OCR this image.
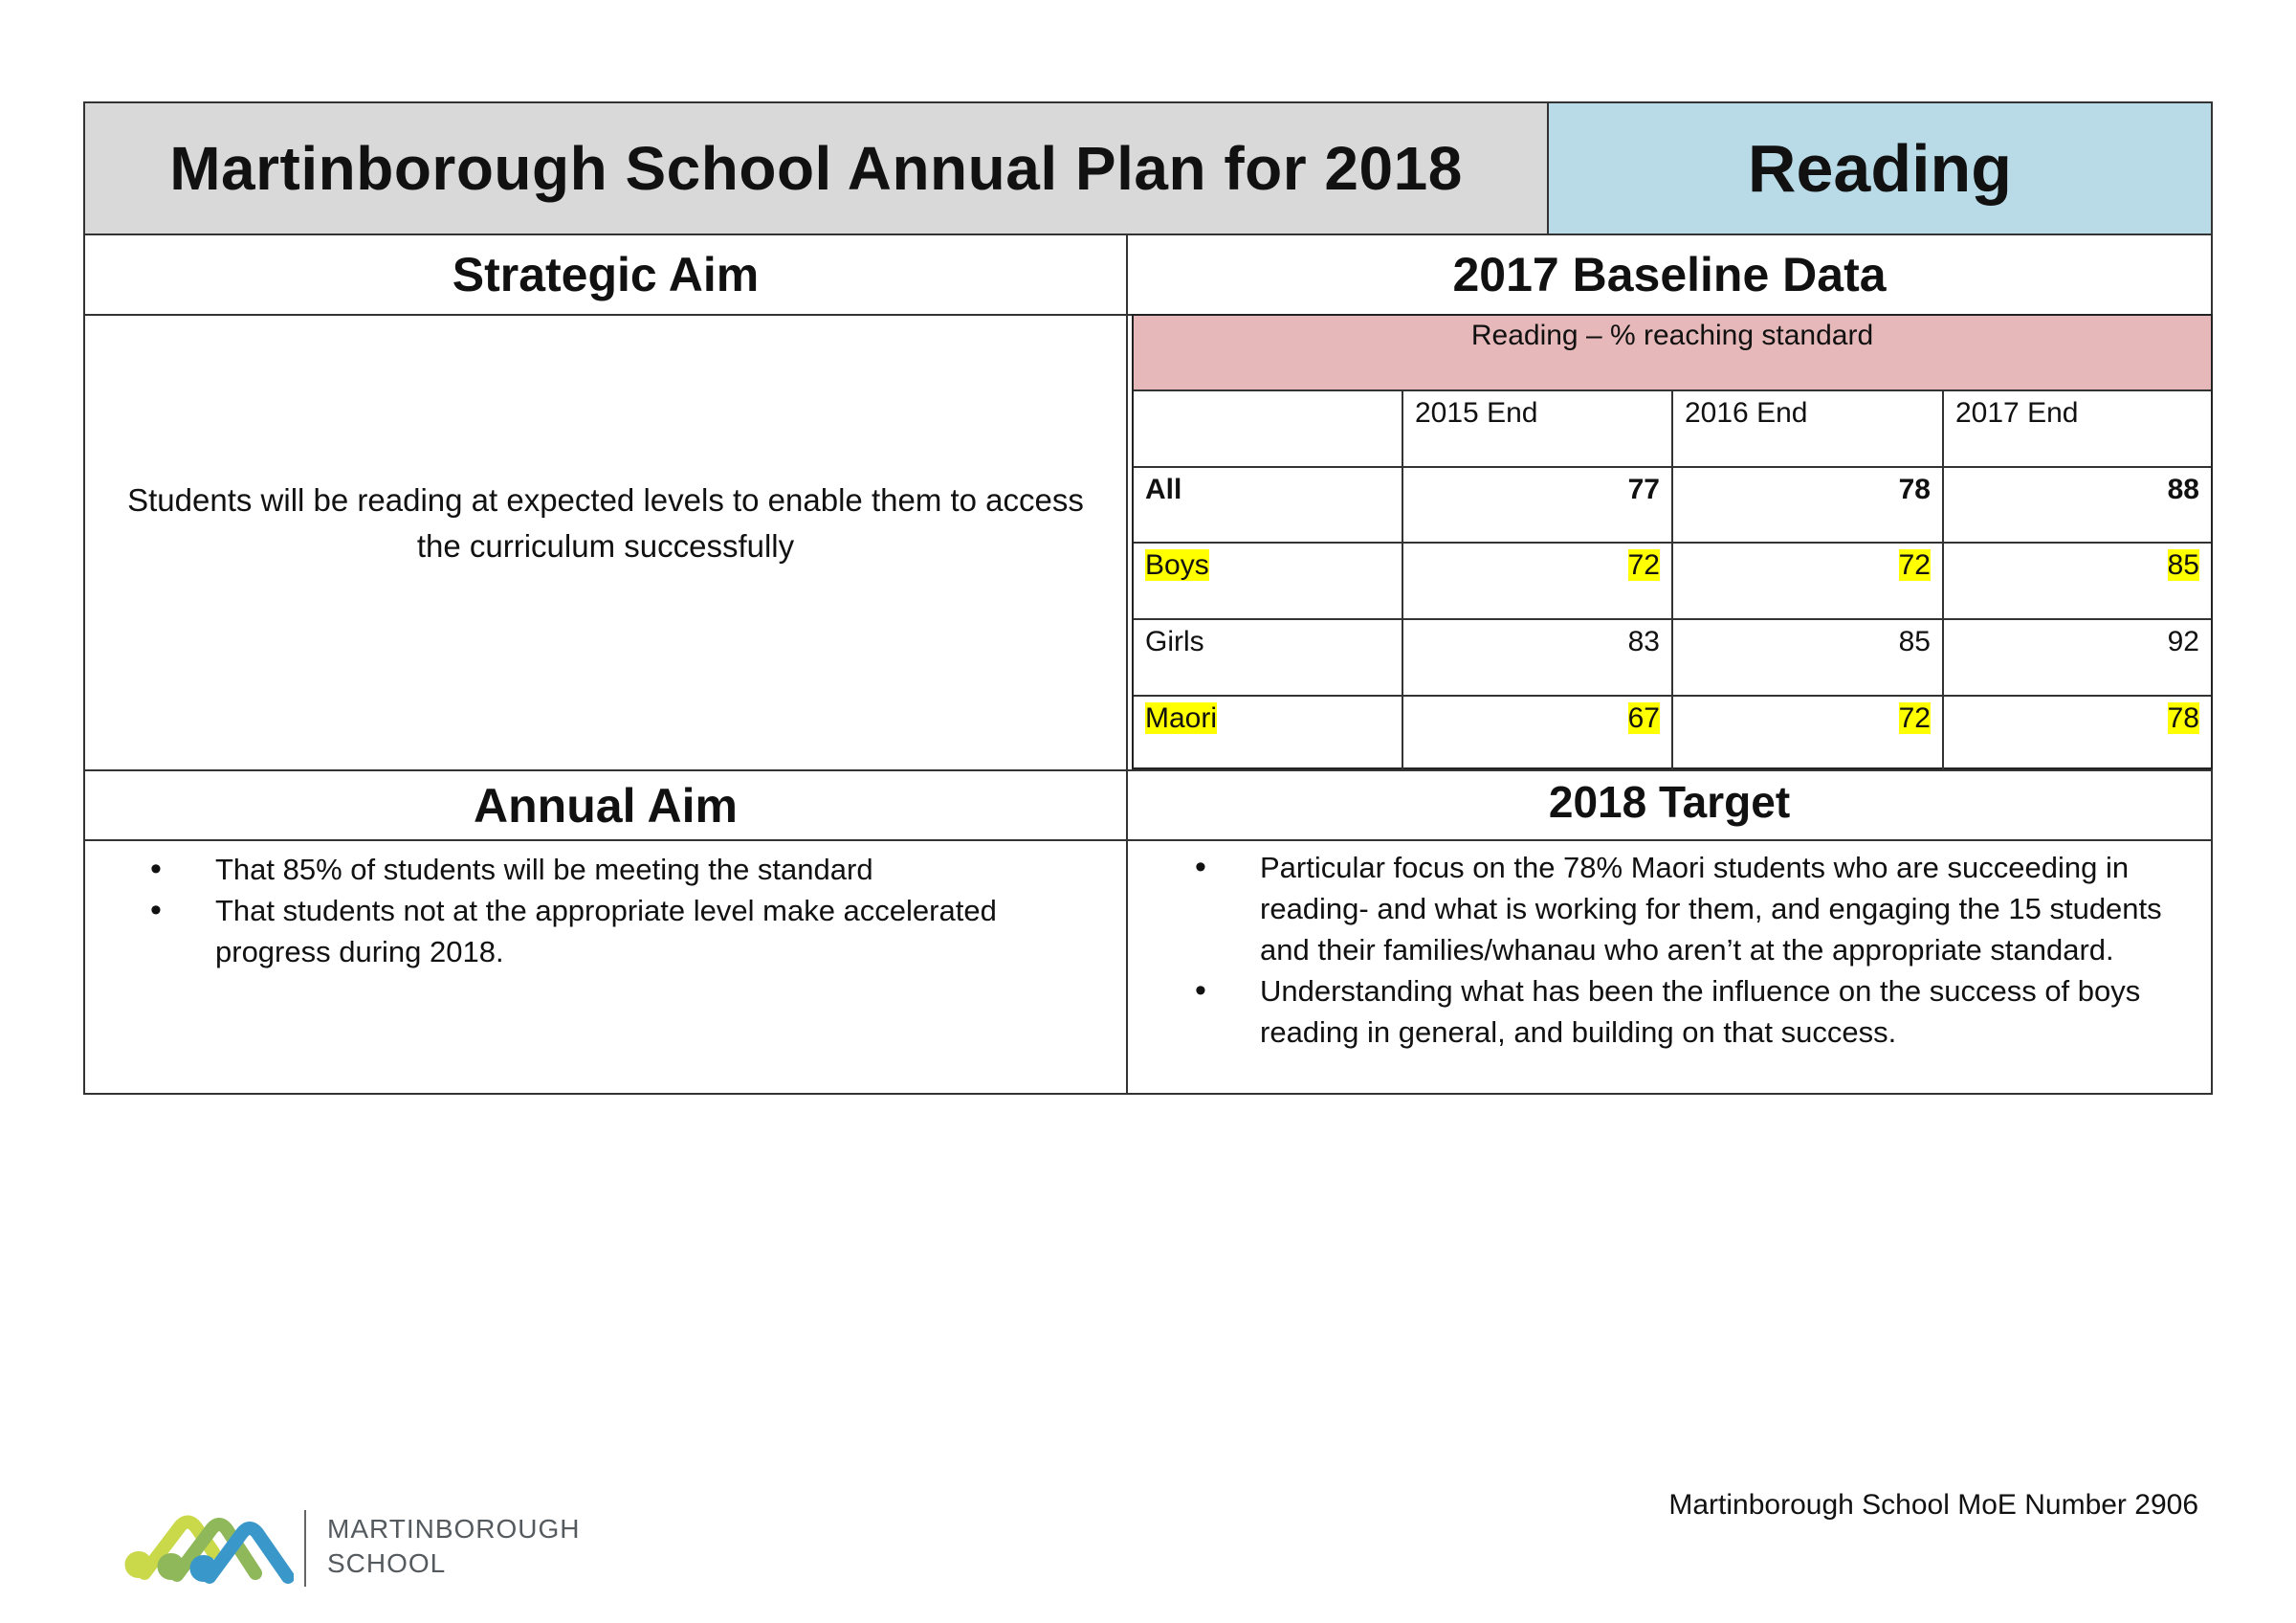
Martinborough School Annual Plan for 2018	Reading
Strategic Aim	2017 Baseline Data
Students will be reading at expected levels to enable them to access the curriculum successfully
Reading – % reaching standard
2015 End	2016 End	2017 End
All	77	78	88
Boys	72	72	85
Girls	83	85	92
Maori	67	72	78
Annual Aim	2018 Target
• That 85% of students will be meeting the standard
• That students not at the appropriate level make accelerated progress during 2018.
• Particular focus on the 78% Maori students who are succeeding in reading- and what is working for them, and engaging the 15 students and their families/whanau who aren’t at the appropriate standard.
• Understanding what has been the influence on the success of boys reading in general, and building on that success.
MARTINBOROUGH
SCHOOL
Martinborough School MoE Number 2906
